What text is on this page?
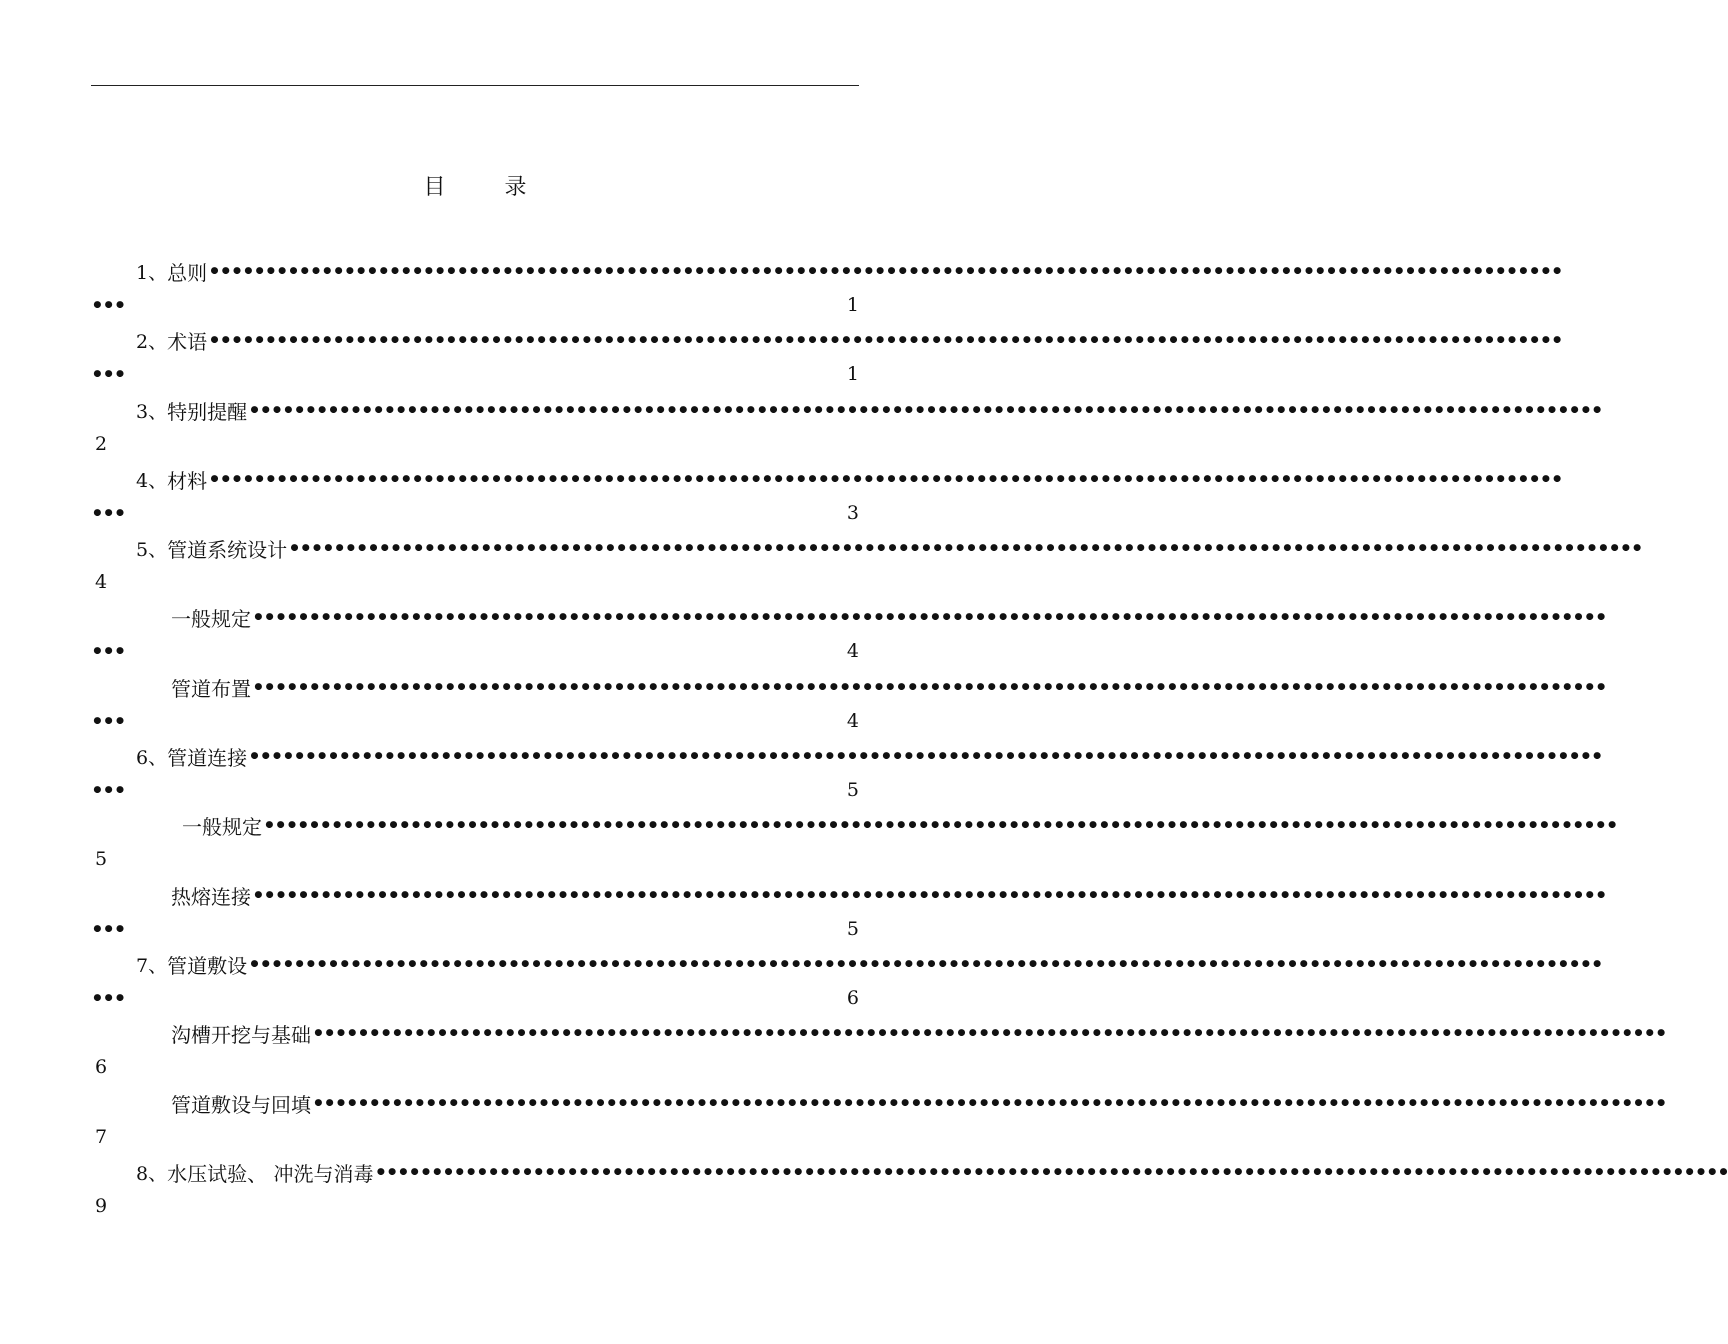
目 录
1、 总则 ••••••••••••••••••••••••••••••••••••••••••••••••••••••••••••••••••••••••••••••••••••••••••••••••••••••••••••••••••••••••
•••	1
2、 术语 ••••••••••••••••••••••••••••••••••••••••••••••••••••••••••••••••••••••••••••••••••••••••••••••••••••••••••••••••••••••••
•••	1
3、 特别提醒 ••••••••••••••••••••••••••••••••••••••••••••••••••••••••••••••••••••••••••••••••••••••••••••••••••••••••••••••••••••••••
2
4、 材料 ••••••••••••••••••••••••••••••••••••••••••••••••••••••••••••••••••••••••••••••••••••••••••••••••••••••••••••••••••••••••
•••	3
5、 管道系统设计 ••••••••••••••••••••••••••••••••••••••••••••••••••••••••••••••••••••••••••••••••••••••••••••••••••••••••••••••••••••••••
4
一般规定 ••••••••••••••••••••••••••••••••••••••••••••••••••••••••••••••••••••••••••••••••••••••••••••••••••••••••••••••••••••••••
•••	4
管道布置 ••••••••••••••••••••••••••••••••••••••••••••••••••••••••••••••••••••••••••••••••••••••••••••••••••••••••••••••••••••••••
•••	4
6、 管道连接 ••••••••••••••••••••••••••••••••••••••••••••••••••••••••••••••••••••••••••••••••••••••••••••••••••••••••••••••••••••••••
•••	5
一般规定 ••••••••••••••••••••••••••••••••••••••••••••••••••••••••••••••••••••••••••••••••••••••••••••••••••••••••••••••••••••••••
5
热熔连接 ••••••••••••••••••••••••••••••••••••••••••••••••••••••••••••••••••••••••••••••••••••••••••••••••••••••••••••••••••••••••
•••	5
7、 管道敷设 ••••••••••••••••••••••••••••••••••••••••••••••••••••••••••••••••••••••••••••••••••••••••••••••••••••••••••••••••••••••••
•••	6
沟槽开挖与基础 ••••••••••••••••••••••••••••••••••••••••••••••••••••••••••••••••••••••••••••••••••••••••••••••••••••••••••••••••••••••••
6
管道敷设与回填 ••••••••••••••••••••••••••••••••••••••••••••••••••••••••••••••••••••••••••••••••••••••••••••••••••••••••••••••••••••••••
7
8、 水压试验、 冲洗与消毒 ••••••••••••••••••••••••••••••••••••••••••••••••••••••••••••••••••••••••••••••••••••••••••••••••••••••••••••••••••••••••
9
